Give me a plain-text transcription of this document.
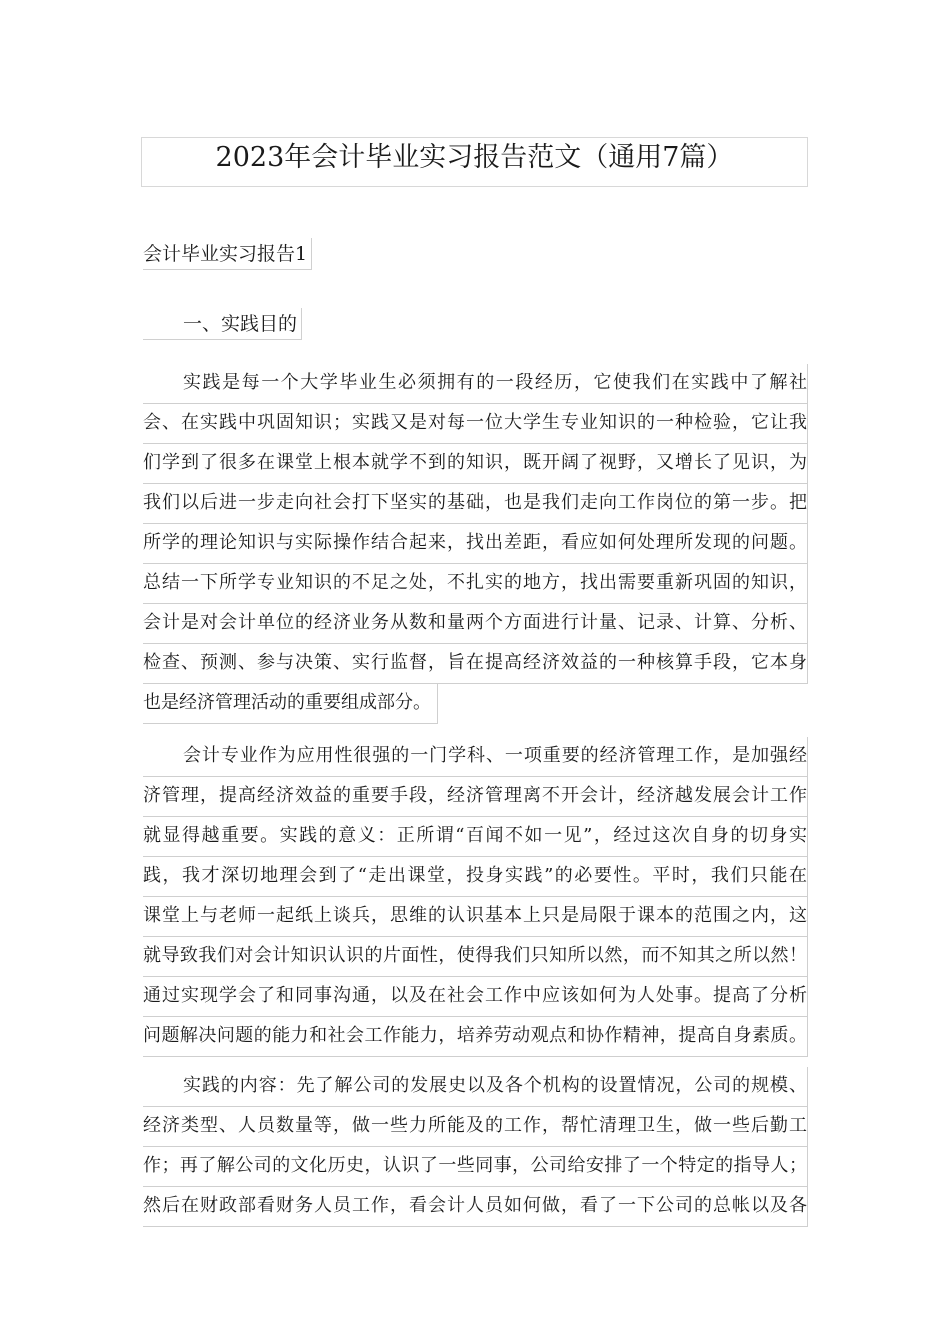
2023年会计毕业实习报告范文（通用7篇）
会计毕业实习报告1
一、实践目的
实践是每一个大学毕业生必须拥有的一段经历，它使我们在实践中了解社
会、在实践中巩固知识；实践又是对每一位大学生专业知识的一种检验，它让我
们学到了很多在课堂上根本就学不到的知识，既开阔了视野，又增长了见识，为
我们以后进一步走向社会打下坚实的基础，也是我们走向工作岗位的第一步。把
所学的理论知识与实际操作结合起来，找出差距，看应如何处理所发现的问题。
总结一下所学专业知识的不足之处，不扎实的地方，找出需要重新巩固的知识，
会计是对会计单位的经济业务从数和量两个方面进行计量、记录、计算、分析、
检查、预测、参与决策、实行监督，旨在提高经济效益的一种核算手段，它本身
也是经济管理活动的重要组成部分。
会计专业作为应用性很强的一门学科、一项重要的经济管理工作，是加强经
济管理，提高经济效益的重要手段，经济管理离不开会计，经济越发展会计工作
就显得越重要。实践的意义：正所谓“百闻不如一见”，经过这次自身的切身实
践，我才深切地理会到了“走出课堂，投身实践”的必要性。平时，我们只能在
课堂上与老师一起纸上谈兵，思维的认识基本上只是局限于课本的范围之内，这
就导致我们对会计知识认识的片面性，使得我们只知所以然，而不知其之所以然！
通过实现学会了和同事沟通，以及在社会工作中应该如何为人处事。提高了分析
问题解决问题的能力和社会工作能力，培养劳动观点和协作精神，提高自身素质。
实践的内容：先了解公司的发展史以及各个机构的设置情况，公司的规模、
经济类型、人员数量等，做一些力所能及的工作，帮忙清理卫生，做一些后勤工
作；再了解公司的文化历史，认识了一些同事，公司给安排了一个特定的指导人；
然后在财政部看财务人员工作，看会计人员如何做，看了一下公司的总帐以及各
